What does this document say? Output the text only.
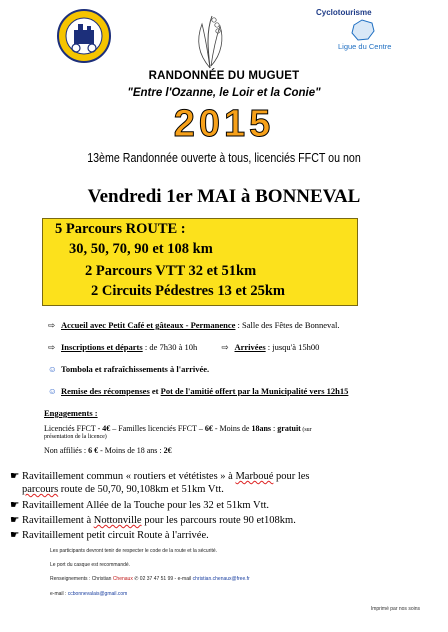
Cyclotourisme
Ligue du Centre
RANDONNÉE DU MUGUET
"Entre l'Ozanne, le Loir et la Conie"
2015
13ème Randonnée ouverte à tous, licenciés FFCT ou non
Vendredi 1er MAI à BONNEVAL
5 Parcours ROUTE :
30, 50, 70, 90 et 108 km
2 Parcours VTT 32 et 51km
2 Circuits Pédestres 13 et 25km
⇨ Accueil avec Petit Café et gâteaux - Permanence : Salle des Fêtes de Bonneval.
⇨ Inscriptions et départs : de 7h30 à 10h	⇨ Arrivées : jusqu'à 15h00
☺ Tombola et rafraîchissements à l'arrivée.
☺ Remise des récompenses et Pot de l'amitié offert par la Municipalité vers 12h15
Engagements :
Licenciés FFCT - 4€ – Familles licenciés FFCT – 6€ - Moins de 18ans : gratuit (sur
présentation de la licence)
Non affiliés : 6 € - Moins de 18 ans : 2€
☛ Ravitaillement commun « routiers et vététistes » à Marboué pour les
parcours route de 50,70, 90,108km et 51km Vtt.
☛ Ravitaillement Allée de la Touche pour les 32 et 51km Vtt.
☛ Ravitaillement à Nottonville pour les parcours route 90 et108km.
☛ Ravitaillement petit circuit Route à l'arrivée.
Les participants devront tenir de respecter le code de la route et la sécurité.
Le port du casque est recommandé.
Renseignements : Christian Chenaux ✆ 02 37 47 51 99 - e-mail christian.chenaux@free.fr
e-mail : ccbonnevalais@gmail.com
Imprimé par nos soins
